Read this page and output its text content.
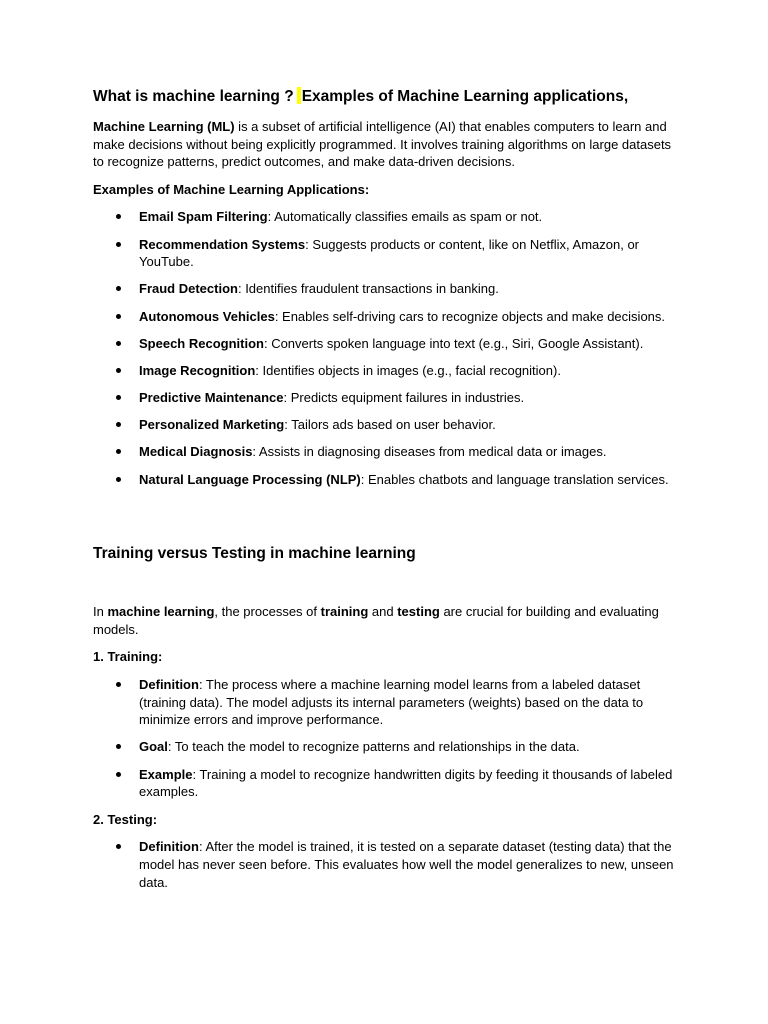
What is machine learning ? Examples of Machine Learning applications,

Machine Learning (ML) is a subset of artificial intelligence (AI) that enables computers to learn and make decisions without being explicitly programmed. It involves training algorithms on large datasets to recognize patterns, predict outcomes, and make data-driven decisions.

Examples of Machine Learning Applications:

Email Spam Filtering: Automatically classifies emails as spam or not.
Recommendation Systems: Suggests products or content, like on Netflix, Amazon, or YouTube.
Fraud Detection: Identifies fraudulent transactions in banking.
Autonomous Vehicles: Enables self-driving cars to recognize objects and make decisions.
Speech Recognition: Converts spoken language into text (e.g., Siri, Google Assistant).
Image Recognition: Identifies objects in images (e.g., facial recognition).
Predictive Maintenance: Predicts equipment failures in industries.
Personalized Marketing: Tailors ads based on user behavior.
Medical Diagnosis: Assists in diagnosing diseases from medical data or images.
Natural Language Processing (NLP): Enables chatbots and language translation services.
Training versus Testing in machine learning

In machine learning, the processes of training and testing are crucial for building and evaluating models.

1. Training:

Definition: The process where a machine learning model learns from a labeled dataset (training data). The model adjusts its internal parameters (weights) based on the data to minimize errors and improve performance.
Goal: To teach the model to recognize patterns and relationships in the data.
Example: Training a model to recognize handwritten digits by feeding it thousands of labeled examples.

2. Testing:

Definition: After the model is trained, it is tested on a separate dataset (testing data) that the model has never seen before. This evaluates how well the model generalizes to new, unseen data.
